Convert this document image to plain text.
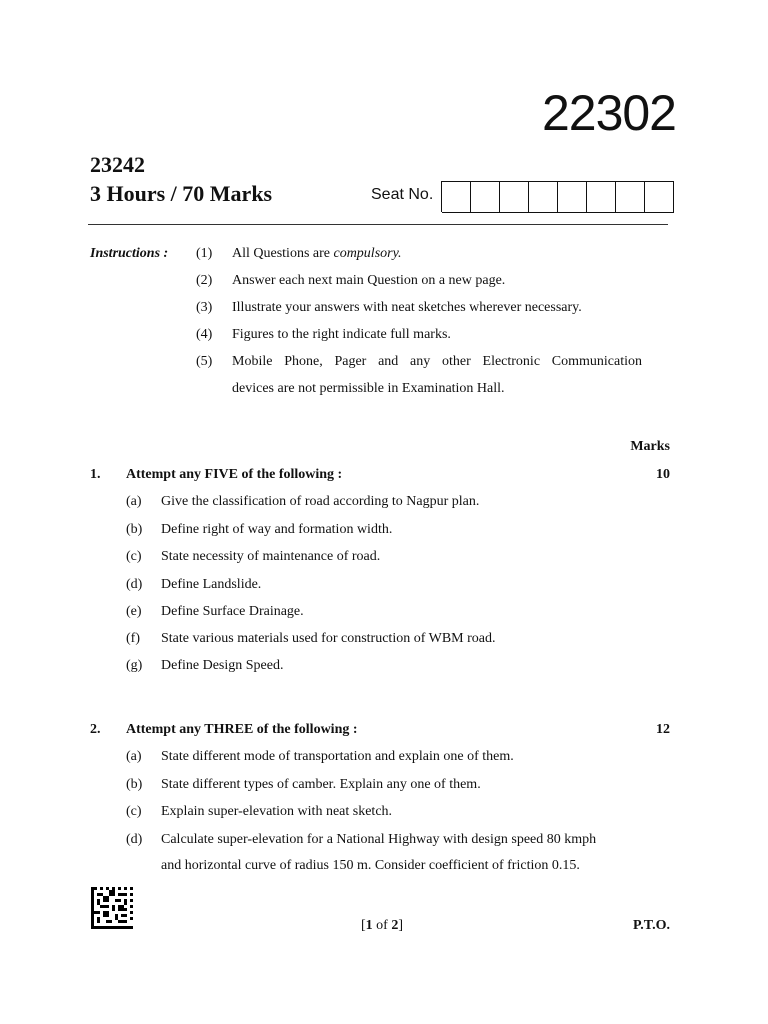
22302
23242
3 Hours / 70 Marks	Seat No.
Instructions : (1) All Questions are compulsory.
(2) Answer each next main Question on a new page.
(3) Illustrate your answers with neat sketches wherever necessary.
(4) Figures to the right indicate full marks.
(5) Mobile Phone, Pager and any other Electronic Communication
devices are not permissible in Examination Hall.
Marks
1. Attempt any FIVE of the following :	10
(a) Give the classification of road according to Nagpur plan.
(b) Define right of way and formation width.
(c) State necessity of maintenance of road.
(d) Define Landslide.
(e) Define Surface Drainage.
(f) State various materials used for construction of WBM road.
(g) Define Design Speed.
2. Attempt any THREE of the following :	12
(a) State different mode of transportation and explain one of them.
(b) State different types of camber. Explain any one of them.
(c) Explain super-elevation with neat sketch.
(d) Calculate super-elevation for a National Highway with design speed 80 kmph
and horizontal curve of radius 150 m. Consider coefficient of friction 0.15.
[1 of 2]	P.T.O.
